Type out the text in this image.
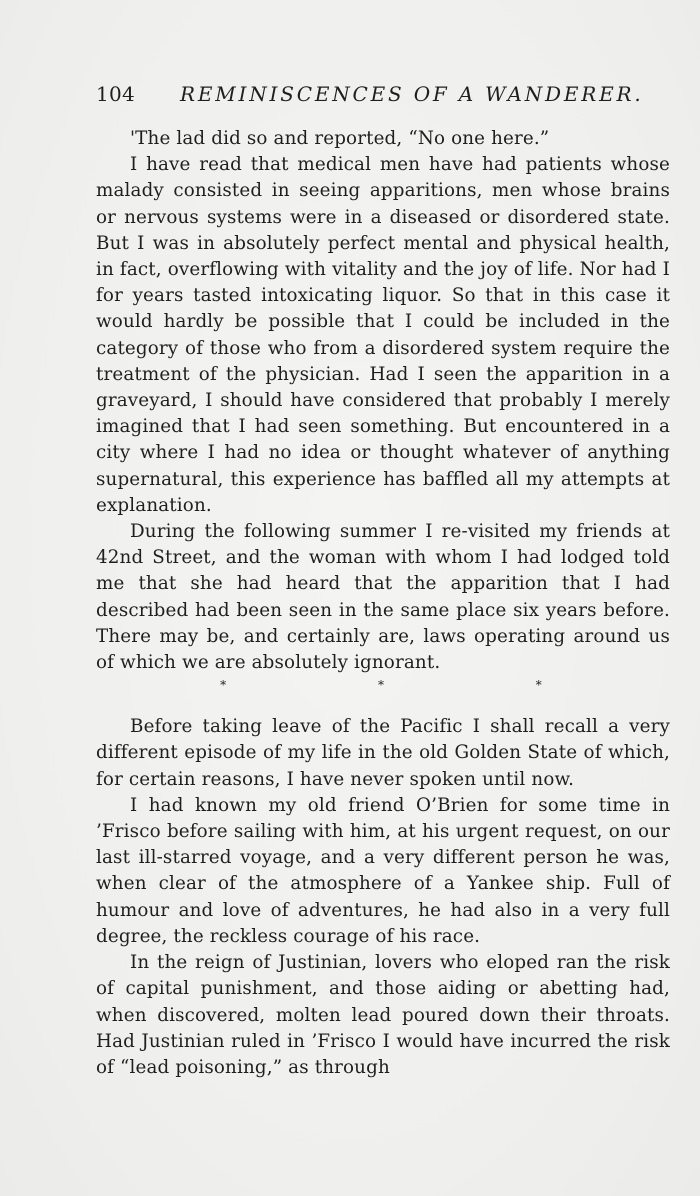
104	REMINISCENCES OF A WANDERER.

'The lad did so and reported, “No one here.”

I have read that medical men have had patients whose malady consisted in seeing apparitions, men whose brains or nervous systems were in a diseased or disordered state. But I was in absolutely perfect mental and physical health, in fact, overflowing with vitality and the joy of life. Nor had I for years tasted intoxicating liquor. So that in this case it would hardly be possible that I could be included in the category of those who from a disordered system require the treatment of the physician. Had I seen the apparition in a graveyard, I should have considered that probably I merely imagined that I had seen something. But encountered in a city where I had no idea or thought whatever of anything supernatural, this experience has baffled all my attempts at explanation.

During the following summer I re-visited my friends at 42nd Street, and the woman with whom I had lodged told me that she had heard that the apparition that I had described had been seen in the same place six years before. There may be, and certainly are, laws operating around us of which we are absolutely ignorant.

* * *

Before taking leave of the Pacific I shall recall a very different episode of my life in the old Golden State of which, for certain reasons, I have never spoken until now.

I had known my old friend O’Brien for some time in ’Frisco before sailing with him, at his urgent request, on our last ill-starred voyage, and a very different person he was, when clear of the atmosphere of a Yankee ship. Full of humour and love of adventures, he had also in a very full degree, the reckless courage of his race.

In the reign of Justinian, lovers who eloped ran the risk of capital punishment, and those aiding or abetting had, when discovered, molten lead poured down their throats. Had Justinian ruled in ’Frisco I would have incurred the risk of “lead poisoning,” as through
